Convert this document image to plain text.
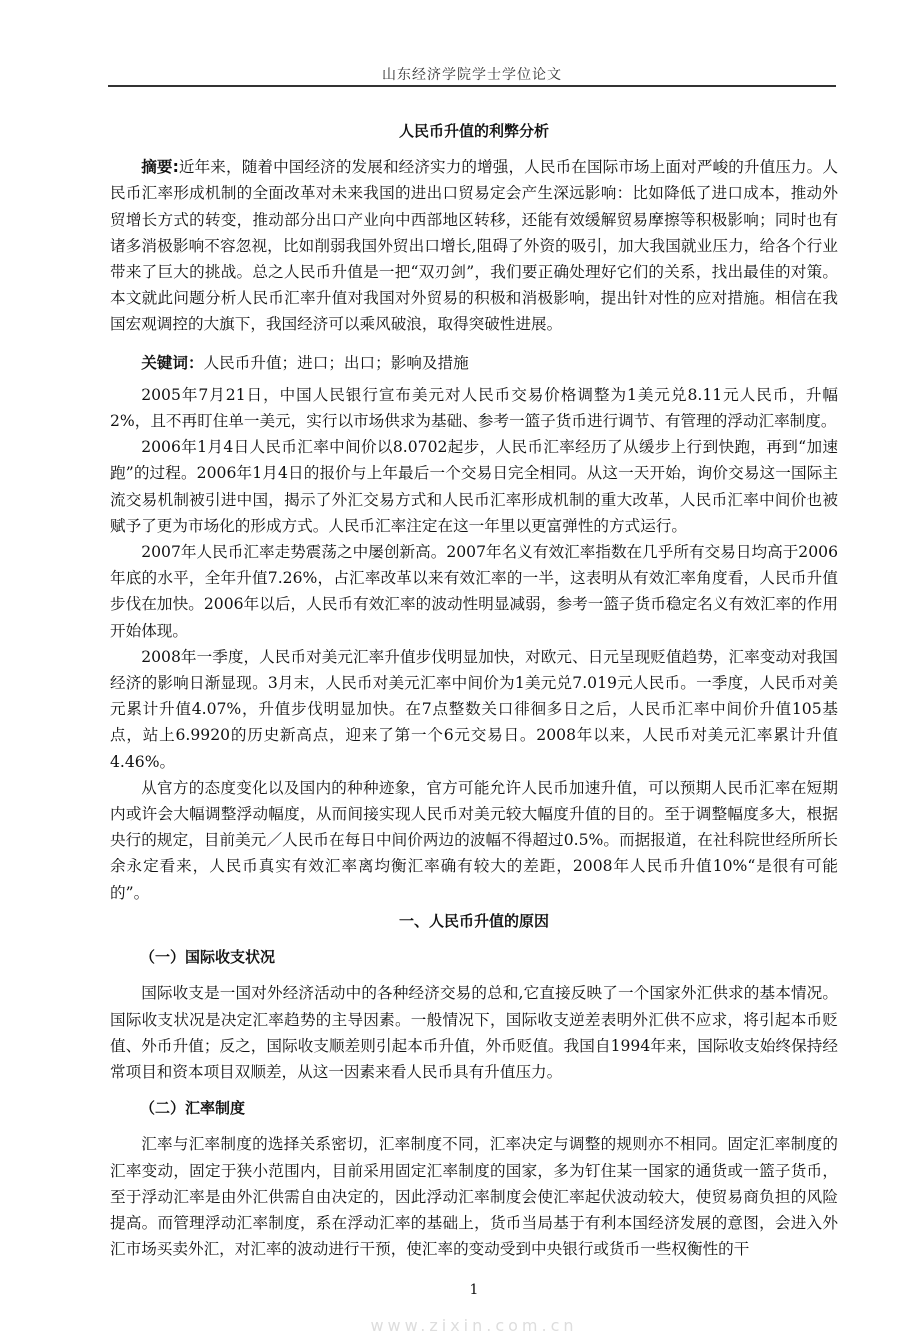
山东经济学院学士学位论文
人民币升值的利弊分析

摘要:近年来，随着中国经济的发展和经济实力的增强，人民币在国际市场上面对严峻的升值压力。人民币汇率形成机制的全面改革对未来我国的进出口贸易定会产生深远影响：比如降低了进口成本，推动外贸增长方式的转变，推动部分出口产业向中西部地区转移，还能有效缓解贸易摩擦等积极影响；同时也有诸多消极影响不容忽视，比如削弱我国外贸出口增长,阻碍了外资的吸引，加大我国就业压力，给各个行业带来了巨大的挑战。总之人民币升值是一把“双刃剑”，我们要正确处理好它们的关系，找出最佳的对策。本文就此问题分析人民币汇率升值对我国对外贸易的积极和消极影响，提出针对性的应对措施。相信在我国宏观调控的大旗下，我国经济可以乘风破浪，取得突破性进展。

关键词：人民币升值；进口；出口；影响及措施

2005年7月21日，中国人民银行宣布美元对人民币交易价格调整为1美元兑8.11元人民币，升幅2%，且不再盯住单一美元，实行以市场供求为基础、参考一篮子货币进行调节、有管理的浮动汇率制度。

2006年1月4日人民币汇率中间价以8.0702起步，人民币汇率经历了从缓步上行到快跑，再到“加速跑”的过程。2006年1月4日的报价与上年最后一个交易日完全相同。从这一天开始，询价交易这一国际主流交易机制被引进中国，揭示了外汇交易方式和人民币汇率形成机制的重大改革，人民币汇率中间价也被赋予了更为市场化的形成方式。人民币汇率注定在这一年里以更富弹性的方式运行。

2007年人民币汇率走势震荡之中屡创新高。2007年名义有效汇率指数在几乎所有交易日均高于2006年底的水平，全年升值7.26%，占汇率改革以来有效汇率的一半，这表明从有效汇率角度看，人民币升值步伐在加快。2006年以后，人民币有效汇率的波动性明显减弱，参考一篮子货币稳定名义有效汇率的作用开始体现。

2008年一季度，人民币对美元汇率升值步伐明显加快，对欧元、日元呈现贬值趋势，汇率变动对我国经济的影响日渐显现。3月末，人民币对美元汇率中间价为1美元兑7.019元人民币。一季度，人民币对美元累计升值4.07%，升值步伐明显加快。在7点整数关口徘徊多日之后，人民币汇率中间价升值105基点，站上6.9920的历史新高点，迎来了第一个6元交易日。2008年以来，人民币对美元汇率累计升值4.46%。

从官方的态度变化以及国内的种种迹象，官方可能允许人民币加速升值，可以预期人民币汇率在短期内或许会大幅调整浮动幅度，从而间接实现人民币对美元较大幅度升值的目的。至于调整幅度多大，根据央行的规定，目前美元／人民币在每日中间价两边的波幅不得超过0.5%。而据报道，在社科院世经所所长余永定看来，人民币真实有效汇率离均衡汇率确有较大的差距，2008年人民币升值10%“是很有可能的”。

一、人民币升值的原因
（一）国际收支状况

国际收支是一国对外经济活动中的各种经济交易的总和,它直接反映了一个国家外汇供求的基本情况。国际收支状况是决定汇率趋势的主导因素。一般情况下，国际收支逆差表明外汇供不应求，将引起本币贬值、外币升值；反之，国际收支顺差则引起本币升值，外币贬值。我国自1994年来，国际收支始终保持经常项目和资本项目双顺差，从这一因素来看人民币具有升值压力。

（二）汇率制度

汇率与汇率制度的选择关系密切，汇率制度不同，汇率决定与调整的规则亦不相同。固定汇率制度的汇率变动，固定于狭小范围内，目前采用固定汇率制度的国家，多为钉住某一国家的通货或一篮子货币，至于浮动汇率是由外汇供需自由决定的，因此浮动汇率制度会使汇率起伏波动较大，使贸易商负担的风险提高。而管理浮动汇率制度，系在浮动汇率的基础上，货币当局基于有利本国经济发展的意图，会进入外汇市场买卖外汇，对汇率的波动进行干预，使汇率的变动受到中央银行或货币一些权衡性的干

1
www.zixin.com.cn
